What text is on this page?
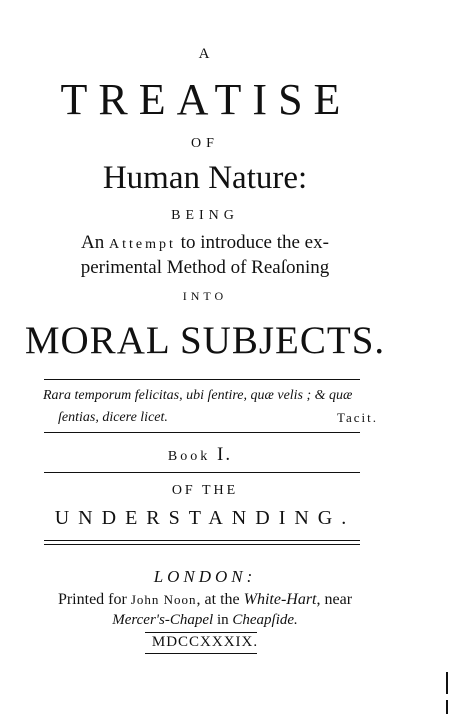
A
TREATISE
OF
Human Nature:
BEING
An Attempt to introduce the ex-
perimental Method of Reaſoning
INTO
MORAL SUBJECTS.
Rara temporum felicitas, ubi ſentire, quæ velis ; & quæ
ſentias, dicere licet.	Tacit.
Book I.
OF THE
UNDERSTANDING.
LONDON:
Printed for John Noon, at the White-Hart, near
Mercer's-Chapel in Cheapſide.
MDCCXXXIX.
